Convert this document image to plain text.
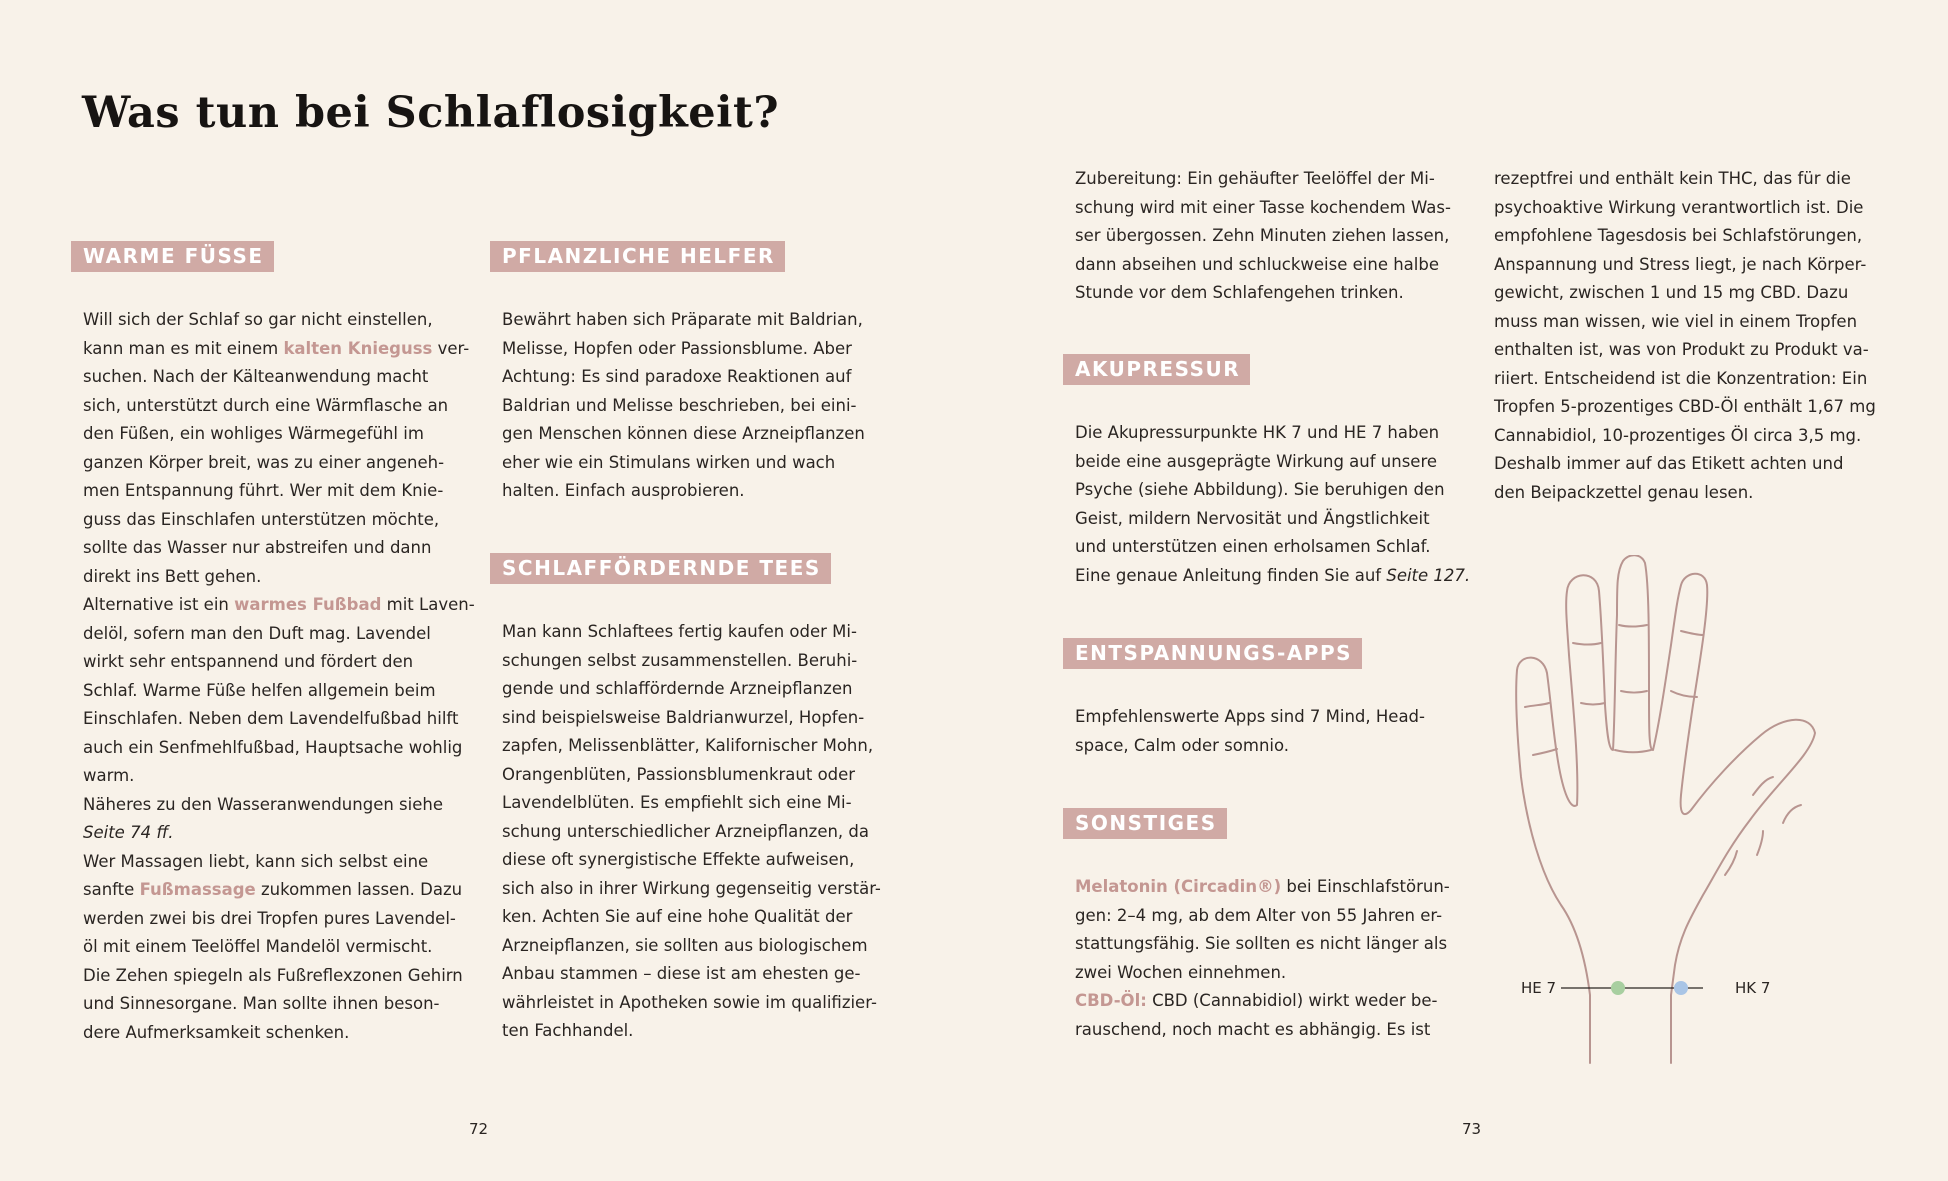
Was tun bei Schlaflosigkeit?
WARME FÜSSE

Will sich der Schlaf so gar nicht einstellen,

kann man es mit einem kalten Knieguss ver-

suchen. Nach der Kälteanwendung macht

sich, unterstützt durch eine Wärmflasche an

den Füßen, ein wohliges Wärmegefühl im

ganzen Körper breit, was zu einer angeneh-

men Entspannung führt. Wer mit dem Knie-

guss das Einschlafen unterstützen möchte,

sollte das Wasser nur abstreifen und dann

direkt ins Bett gehen.

Alternative ist ein warmes Fußbad mit Laven-

delöl, sofern man den Duft mag. Lavendel

wirkt sehr entspannend und fördert den

Schlaf. Warme Füße helfen allgemein beim

Einschlafen. Neben dem Lavendelfußbad hilft

auch ein Senfmehlfußbad, Hauptsache wohlig

warm.

Näheres zu den Wasseranwendungen siehe

Seite 74 ff.

Wer Massagen liebt, kann sich selbst eine

sanfte Fußmassage zukommen lassen. Dazu

werden zwei bis drei Tropfen pures Lavendel-

öl mit einem Teelöffel Mandelöl vermischt.

Die Zehen spiegeln als Fußreflexzonen Gehirn

und Sinnesorgane. Man sollte ihnen beson-

dere Aufmerksamkeit schenken.

PFLANZLICHE HELFER

Bewährt haben sich Präparate mit Baldrian,

Melisse, Hopfen oder Passionsblume. Aber

Achtung: Es sind paradoxe Reaktionen auf

Baldrian und Melisse beschrieben, bei eini-

gen Menschen können diese Arzneipflanzen

eher wie ein Stimulans wirken und wach

halten. Einfach ausprobieren.

SCHLAFFÖRDERNDE TEES

Man kann Schlaftees fertig kaufen oder Mi-

schungen selbst zusammenstellen. Beruhi-

gende und schlaffördernde Arzneipflanzen

sind beispielsweise Baldrianwurzel, Hopfen-

zapfen, Melissenblätter, Kalifornischer Mohn,

Orangenblüten, Passionsblumenkraut oder

Lavendelblüten. Es empfiehlt sich eine Mi-

schung unterschiedlicher Arzneipflanzen, da

diese oft synergistische Effekte aufweisen,

sich also in ihrer Wirkung gegenseitig verstär-

ken. Achten Sie auf eine hohe Qualität der

Arzneipflanzen, sie sollten aus biologischem

Anbau stammen – diese ist am ehesten ge-

währleistet in Apotheken sowie im qualifizier-

ten Fachhandel.

Zubereitung: Ein gehäufter Teelöffel der Mi-

schung wird mit einer Tasse kochendem Was-

ser übergossen. Zehn Minuten ziehen lassen,

dann abseihen und schluckweise eine halbe

Stunde vor dem Schlafengehen trinken.

AKUPRESSUR

Die Akupressurpunkte HK 7 und HE 7 haben

beide eine ausgeprägte Wirkung auf unsere

Psyche (siehe Abbildung). Sie beruhigen den

Geist, mildern Nervosität und Ängstlichkeit

und unterstützen einen erholsamen Schlaf.

Eine genaue Anleitung finden Sie auf Seite 127.

ENTSPANNUNGS-APPS

Empfehlenswerte Apps sind 7 Mind, Head-

space, Calm oder somnio.

SONSTIGES

Melatonin (Circadin®) bei Einschlafstörun-

gen: 2–4 mg, ab dem Alter von 55 Jahren er-

stattungsfähig. Sie sollten es nicht länger als

zwei Wochen einnehmen.

CBD-Öl: CBD (Cannabidiol) wirkt weder be-

rauschend, noch macht es abhängig. Es ist

rezeptfrei und enthält kein THC, das für die

psychoaktive Wirkung verantwortlich ist. Die

empfohlene Tagesdosis bei Schlafstörungen,

Anspannung und Stress liegt, je nach Körper-

gewicht, zwischen 1 und 15 mg CBD. Dazu

muss man wissen, wie viel in einem Tropfen

enthalten ist, was von Produkt zu Produkt va-

riiert. Entscheidend ist die Konzentration: Ein

Tropfen 5-prozentiges CBD-Öl enthält 1,67 mg

Cannabidiol, 10-prozentiges Öl circa 3,5 mg.

Deshalb immer auf das Etikett achten und

den Beipackzettel genau lesen.

HE 7	HK 7
72	73
